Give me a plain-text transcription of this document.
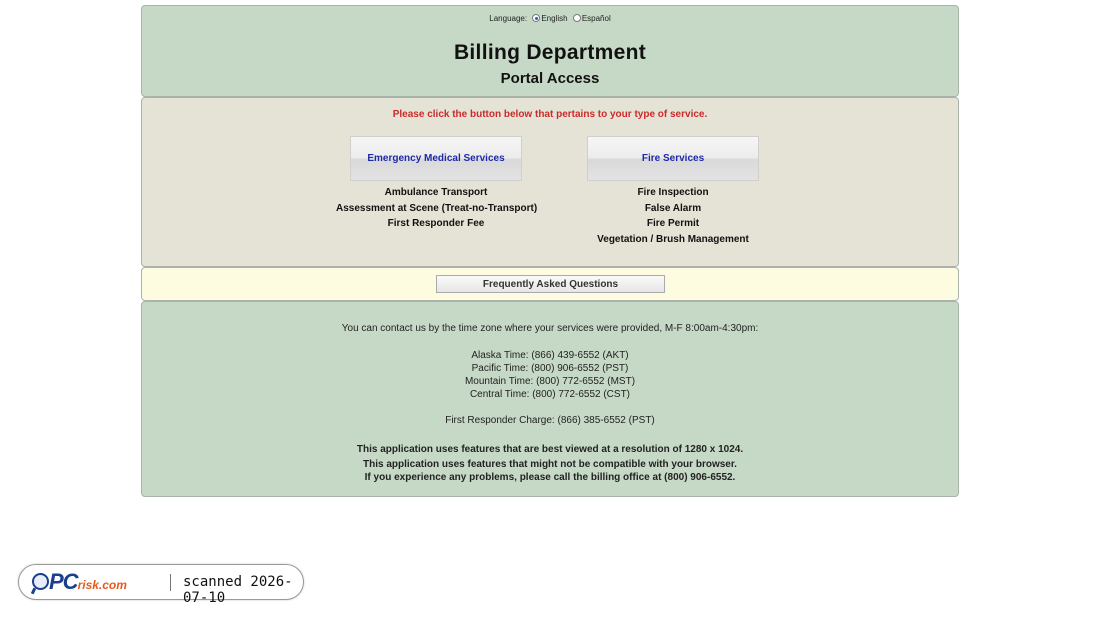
Language: English Español
Billing Department
Portal Access
Please click the button below that pertains to your type of service.
Emergency Medical Services
Ambulance Transport
Assessment at Scene (Treat-no-Transport)
First Responder Fee
Fire Services
Fire Inspection
False Alarm
Fire Permit
Vegetation / Brush Management
Frequently Asked Questions
You can contact us by the time zone where your services were provided, M-F 8:00am-4:30pm:
Alaska Time: (866) 439-6552 (AKT)
Pacific Time: (800) 906-6552 (PST)
Mountain Time: (800) 772-6552 (MST)
Central Time: (800) 772-6552 (CST)
First Responder Charge: (866) 385-6552 (PST)
This application uses features that are best viewed at a resolution of 1280 x 1024.
This application uses features that might not be compatible with your browser.
If you experience any problems, please call the billing office at (800) 906-6552.
PCrisk.com	scanned 2026-07-10
